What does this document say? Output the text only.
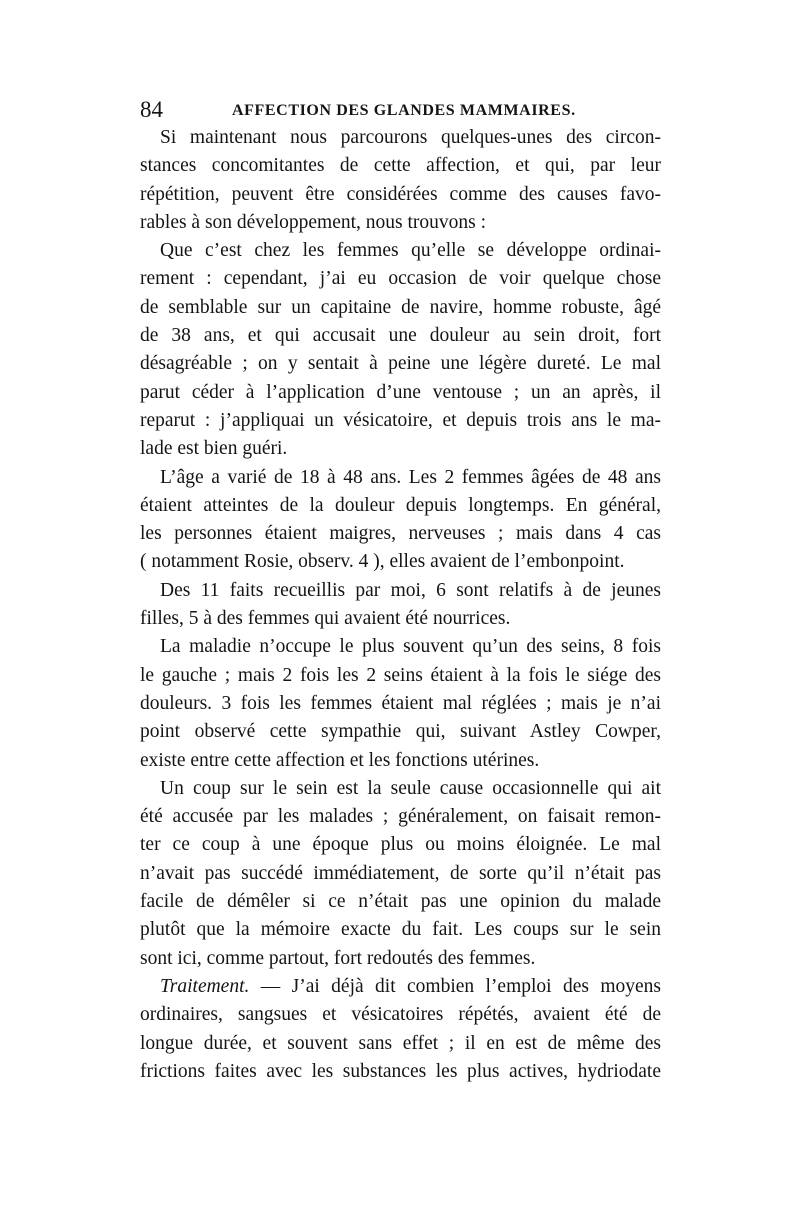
84	AFFECTION DES GLANDES MAMMAIRES.

Si maintenant nous parcourons quelques-unes des circon-
stances concomitantes de cette affection, et qui, par leur
répétition, peuvent être considérées comme des causes favo-
rables à son développement, nous trouvons :

Que c’est chez les femmes qu’elle se développe ordinai-
rement : cependant, j’ai eu occasion de voir quelque chose
de semblable sur un capitaine de navire, homme robuste, âgé
de 38 ans, et qui accusait une douleur au sein droit, fort
désagréable ; on y sentait à peine une légère dureté. Le mal
parut céder à l’application d’une ventouse ; un an après, il
reparut : j’appliquai un vésicatoire, et depuis trois ans le ma-
lade est bien guéri.

L’âge a varié de 18 à 48 ans. Les 2 femmes âgées de 48 ans
étaient atteintes de la douleur depuis longtemps. En général,
les personnes étaient maigres, nerveuses ; mais dans 4 cas
( notamment Rosie, observ. 4 ), elles avaient de l’embonpoint.

Des 11 faits recueillis par moi, 6 sont relatifs à de jeunes
filles, 5 à des femmes qui avaient été nourrices.

La maladie n’occupe le plus souvent qu’un des seins, 8 fois
le gauche ; mais 2 fois les 2 seins étaient à la fois le siége des
douleurs. 3 fois les femmes étaient mal réglées ; mais je n’ai
point observé cette sympathie qui, suivant Astley Cowper,
existe entre cette affection et les fonctions utérines.

Un coup sur le sein est la seule cause occasionnelle qui ait
été accusée par les malades ; généralement, on faisait remon-
ter ce coup à une époque plus ou moins éloignée. Le mal
n’avait pas succédé immédiatement, de sorte qu’il n’était pas
facile de démêler si ce n’était pas une opinion du malade
plutôt que la mémoire exacte du fait. Les coups sur le sein
sont ici, comme partout, fort redoutés des femmes.

Traitement. — J’ai déjà dit combien l’emploi des moyens
ordinaires, sangsues et vésicatoires répétés, avaient été de
longue durée, et souvent sans effet ; il en est de même des
frictions faites avec les substances les plus actives, hydriodate
